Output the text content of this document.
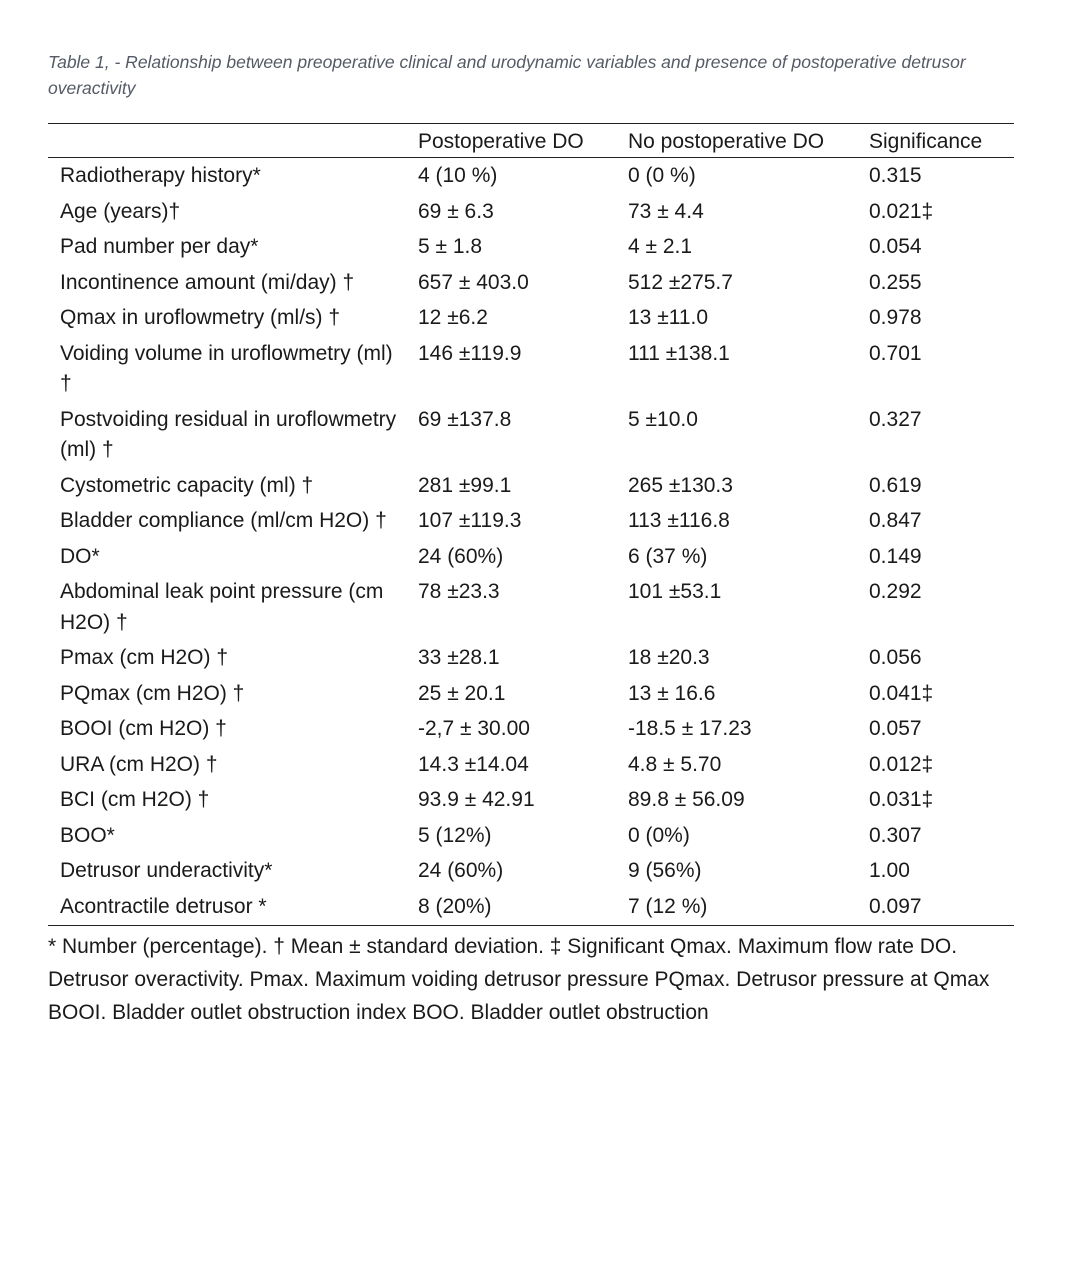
Table 1, - Relationship between preoperative clinical and urodynamic variables and presence of postoperative detrusor overactivity
	Postoperative DO	No postoperative DO	Significance
Radiotherapy history*	4 (10 %)	0 (0 %)	0.315
Age (years)†	69 ± 6.3	73 ± 4.4	0.021‡
Pad number per day*	5 ± 1.8	4 ± 2.1	0.054
Incontinence amount (mi/day) †	657 ± 403.0	512 ±275.7	0.255
Qmax in uroflowmetry (ml/s) †	12 ±6.2	13 ±11.0	0.978
Voiding volume in uroflowmetry (ml) †	146 ±119.9	111 ±138.1	0.701
Postvoiding residual in uroflowmetry (ml) †	69 ±137.8	5 ±10.0	0.327
Cystometric capacity (ml) †	281 ±99.1	265 ±130.3	0.619
Bladder compliance (ml/cm H2O) †	107 ±119.3	113 ±116.8	0.847
DO*	24 (60%)	6 (37 %)	0.149
Abdominal leak point pressure (cm H2O) †	78 ±23.3	101 ±53.1	0.292
Pmax (cm H2O) †	33 ±28.1	18 ±20.3	0.056
PQmax (cm H2O) †	25 ± 20.1	13 ± 16.6	0.041‡
BOOI (cm H2O) †	-2,7 ± 30.00	-18.5 ± 17.23	0.057
URA (cm H2O) †	14.3 ±14.04	4.8 ± 5.70	0.012‡
BCI (cm H2O) †	93.9 ± 42.91	89.8 ± 56.09	0.031‡
BOO*	5 (12%)	0 (0%)	0.307
Detrusor underactivity*	24 (60%)	9 (56%)	1.00
Acontractile detrusor *	8 (20%)	7 (12 %)	0.097
* Number (percentage). † Mean ± standard deviation. ‡ Significant Qmax. Maximum flow rate DO. Detrusor overactivity. Pmax. Maximum voiding detrusor pressure PQmax. Detrusor pressure at Qmax BOOI. Bladder outlet obstruction index BOO. Bladder outlet obstruction
